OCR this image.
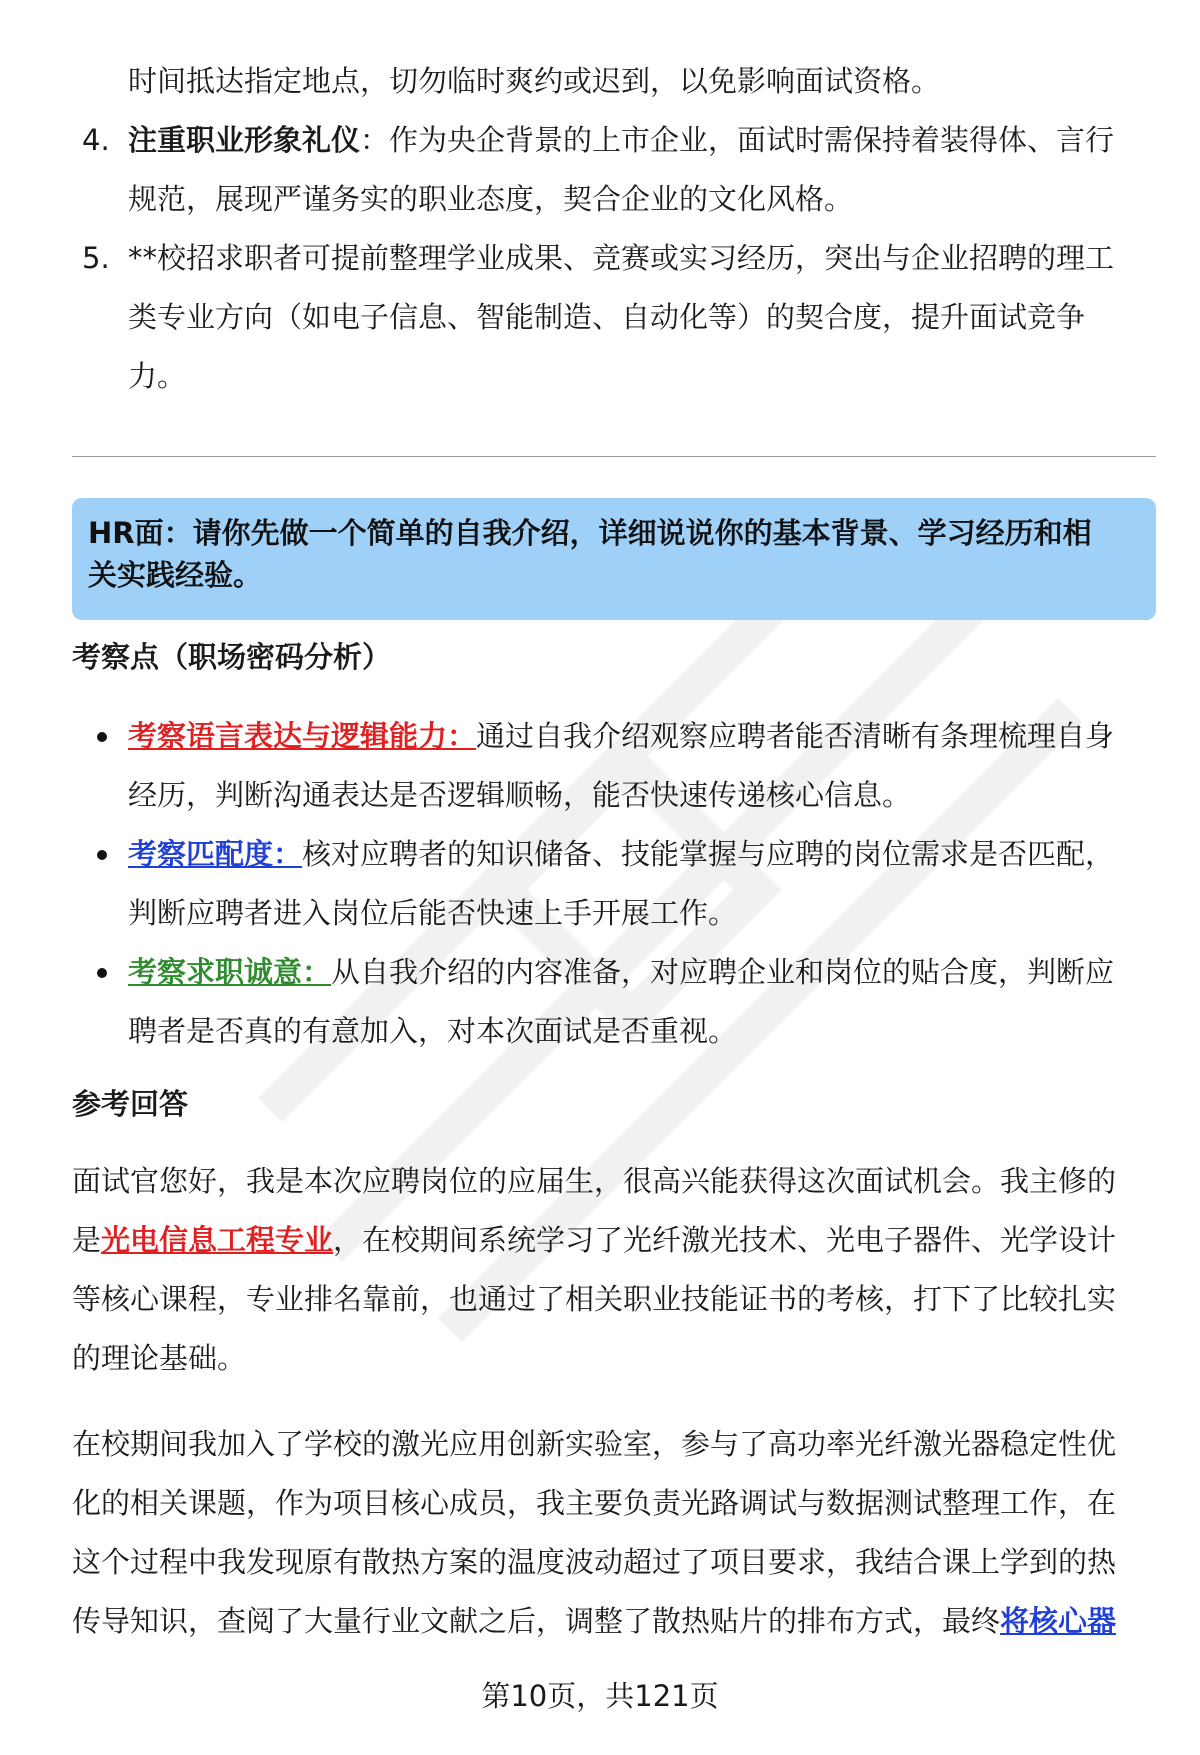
时间抵达指定地点，切勿临时爽约或迟到，以免影响面试资格。
4. 注重职业形象礼仪：作为央企背景的上市企业，面试时需保持着装得体、言行
规范，展现严谨务实的职业态度，契合企业的文化风格。
5. **校招求职者可提前整理学业成果、竞赛或实习经历，突出与企业招聘的理工
类专业方向（如电子信息、智能制造、自动化等）的契合度，提升面试竞争
力。
HR面：请你先做一个简单的自我介绍，详细说说你的基本背景、学习经历和相
关实践经验。
考察点（职场密码分析）
考察语言表达与逻辑能力：通过自我介绍观察应聘者能否清晰有条理梳理自身
经历，判断沟通表达是否逻辑顺畅，能否快速传递核心信息。
考察匹配度：核对应聘者的知识储备、技能掌握与应聘的岗位需求是否匹配，
判断应聘者进入岗位后能否快速上手开展工作。
考察求职诚意：从自我介绍的内容准备，对应聘企业和岗位的贴合度，判断应
聘者是否真的有意加入，对本次面试是否重视。
参考回答
面试官您好，我是本次应聘岗位的应届生，很高兴能获得这次面试机会。我主修的
是光电信息工程专业，在校期间系统学习了光纤激光技术、光电子器件、光学设计
等核心课程，专业排名靠前，也通过了相关职业技能证书的考核，打下了比较扎实
的理论基础。
在校期间我加入了学校的激光应用创新实验室，参与了高功率光纤激光器稳定性优
化的相关课题，作为项目核心成员，我主要负责光路调试与数据测试整理工作，在
这个过程中我发现原有散热方案的温度波动超过了项目要求，我结合课上学到的热
传导知识，查阅了大量行业文献之后，调整了散热贴片的排布方式，最终将核心器
第10页，共121页
